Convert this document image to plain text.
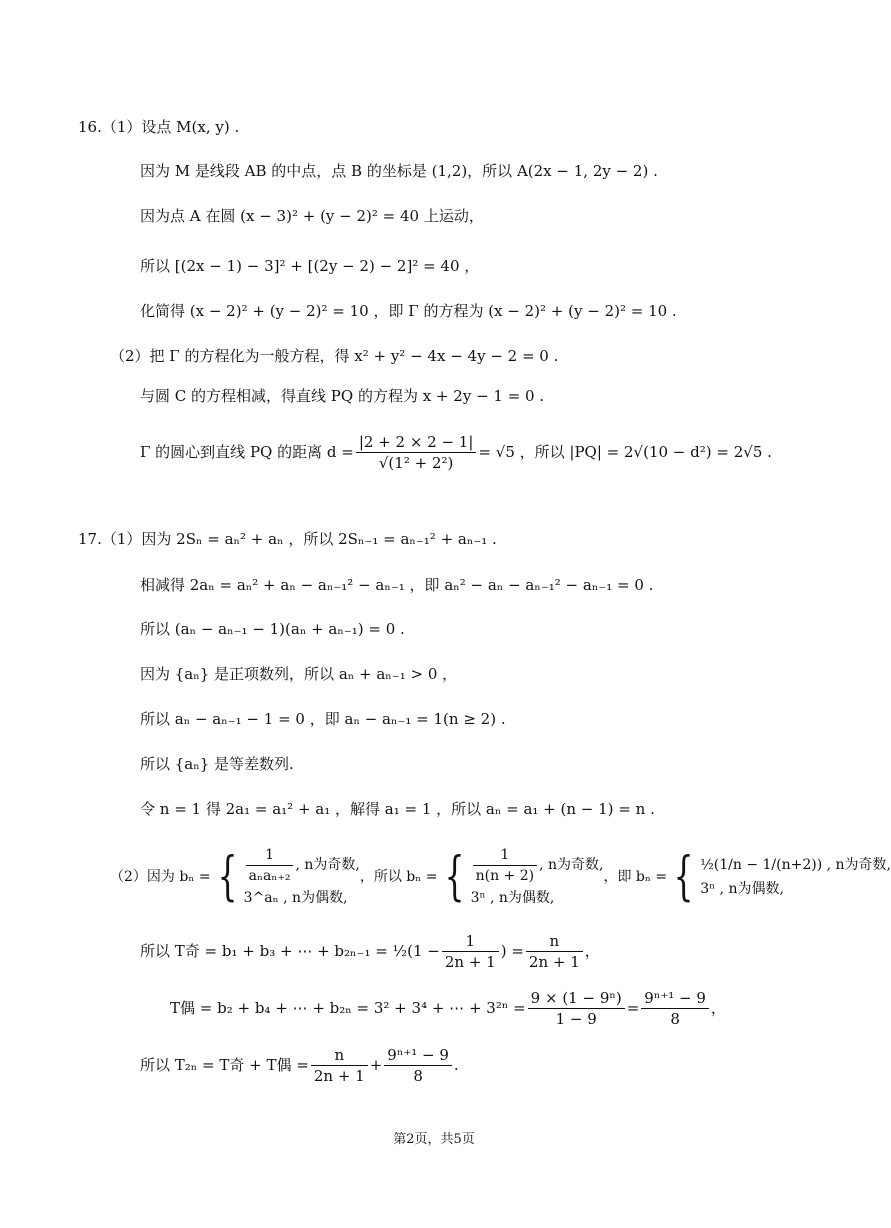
16.（1）设点 M(x, y) .
因为 M 是线段 AB 的中点，点 B 的坐标是 (1,2)，所以 A(2x − 1, 2y − 2) .
因为点 A 在圆 (x − 3)² + (y − 2)² = 40 上运动，
所以 [(2x − 1) − 3]² + [(2y − 2) − 2]² = 40 ，
化简得 (x − 2)² + (y − 2)² = 10 ，即 Γ 的方程为 (x − 2)² + (y − 2)² = 10 .
（2）把 Γ 的方程化为一般方程，得 x² + y² − 4x − 4y − 2 = 0 .
与圆 C 的方程相减，得直线 PQ 的方程为 x + 2y − 1 = 0 .
Γ 的圆心到直线 PQ 的距离 $d = \frac{|2 + 2 \times 2 - 1|}{\text{√(1² + 2²)}} = √5$ ，所以 |PQ| = 2√(10 − d²) = 2√5 .
17.（1）因为 2Sₙ = aₙ² + aₙ ，所以 2Sₙ₋₁ = aₙ₋₁² + aₙ₋₁ .
相减得 2aₙ = aₙ² + aₙ − aₙ₋₁² − aₙ₋₁ ，即 aₙ² − aₙ − aₙ₋₁² − aₙ₋₁ = 0 .
所以 (aₙ − aₙ₋₁ − 1)(aₙ + aₙ₋₁) = 0 .
因为 {aₙ} 是正项数列，所以 aₙ + aₙ₋₁ > 0 ，
所以 aₙ − aₙ₋₁ − 1 = 0 ，即 aₙ − aₙ₋₁ = 1(n ≥ 2) .
所以 {aₙ} 是等差数列.
令 n = 1 得 2a₁ = a₁² + a₁ ，解得 a₁ = 1 ，所以 aₙ = a₁ + (n − 1) = n .
（2）因为 bₙ = { $\frac{1}{\text{aₙaₙ₊₂}}$ , n为奇数,
3^aₙ , n为偶数,
，所以 bₙ = { $\frac{1}{n(n + 2)}$ , n为奇数,
3ⁿ , n为偶数,
，即 bₙ = { ½(1/n − 1/(n+2)) , n为奇数,
3ⁿ , n为偶数,
所以 T奇 = b₁ + b₃ + ⋯ + b₂ₙ₋₁ = ½(1 − $\frac{1}{2n + 1}$ ) = $\frac{n}{2n + 1}$ ，
T偶 = b₂ + b₄ + ⋯ + b₂ₙ = 3² + 3⁴ + ⋯ + $3^{2n} = \frac{\text{9 × (1 − 9ⁿ)}}{1 - 9} = \frac{\text{9ⁿ⁺¹ − 9}}{8}$ ，
所以 T₂ₙ = T奇 + T偶 = $\frac{n}{2n + 1} + \frac{\text{9ⁿ⁺¹ − 9}}{8}$ .
第2页，共5页
